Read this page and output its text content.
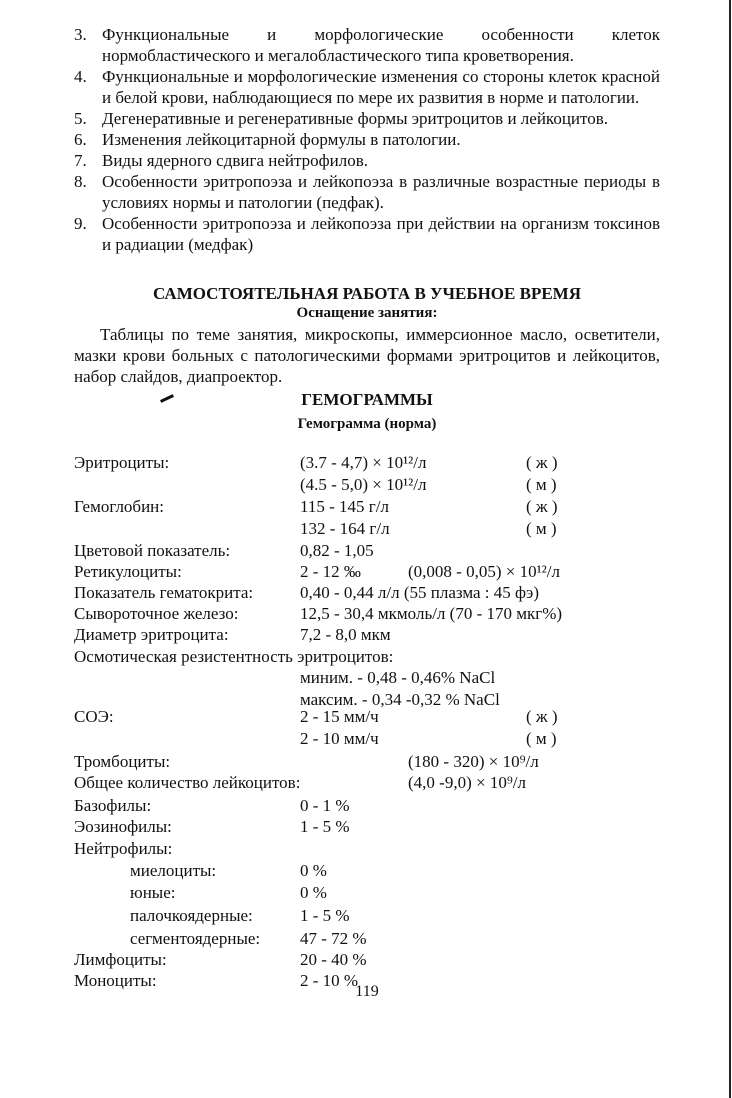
3. Функциональные и морфологические особенности клеток нормобластического и мегалобластического типа кроветворения.
4. Функциональные и морфологические изменения со стороны клеток красной и белой крови, наблюдающиеся по мере их развития в норме и патологии.
5. Дегенеративные и регенеративные формы эритроцитов и лейкоцитов.
6. Изменения лейкоцитарной формулы в патологии.
7. Виды ядерного сдвига нейтрофилов.
8. Особенности эритропоэза и лейкопоэза в различные возрастные периоды в условиях нормы и патологии (педфак).
9. Особенности эритропоэза и лейкопоэза при действии на организм токсинов и радиации (медфак)
САМОСТОЯТЕЛЬНАЯ РАБОТА В УЧЕБНОЕ ВРЕМЯ
Оснащение занятия:
Таблицы по теме занятия, микроскопы, иммерсионное масло, осветители, мазки крови больных с патологическими формами эритроцитов и лейкоцитов, набор слайдов, диапроектор.
ГЕМОГРАММЫ
Гемограмма (норма)
Эритроциты:	(3.7 - 4,7) × 10¹²/л	( ж )
(4.5 - 5,0) × 10¹²/л	( м )
Гемоглобин:	115 - 145 г/л	( ж )
132 - 164 г/л	( м )
Цветовой показатель:	0,82 - 1,05
Ретикулоциты:	2 - 12 ‰	(0,008 - 0,05) × 10¹²/л
Показатель гематокрита:	0,40 - 0,44 л/л (55 плазма : 45 фэ)
Сывороточное железо:	12,5 - 30,4 мкмоль/л (70 - 170 мкг%)
Диаметр эритроцита:	7,2 - 8,0 мкм
Осмотическая резистентность эритроцитов:
миним. - 0,48 - 0,46% NaCl
максим. - 0,34 -0,32 % NaCl
СОЭ:	2 - 15 мм/ч	( ж )
2 - 10 мм/ч	( м )
Тромбоциты:	(180 - 320) × 10⁹/л
Общее количество лейкоцитов:	(4,0 -9,0) × 10⁹/л
Базофилы:	0 - 1 %
Эозинофилы:	1 - 5 %
Нейтрофилы:
миелоциты:	0 %
юные:	0 %
палочкоядерные:	1 - 5 %
сегментоядерные: 47 - 72 %
Лимфоциты:	20 - 40 %
Моноциты:	2 - 10 %
119
